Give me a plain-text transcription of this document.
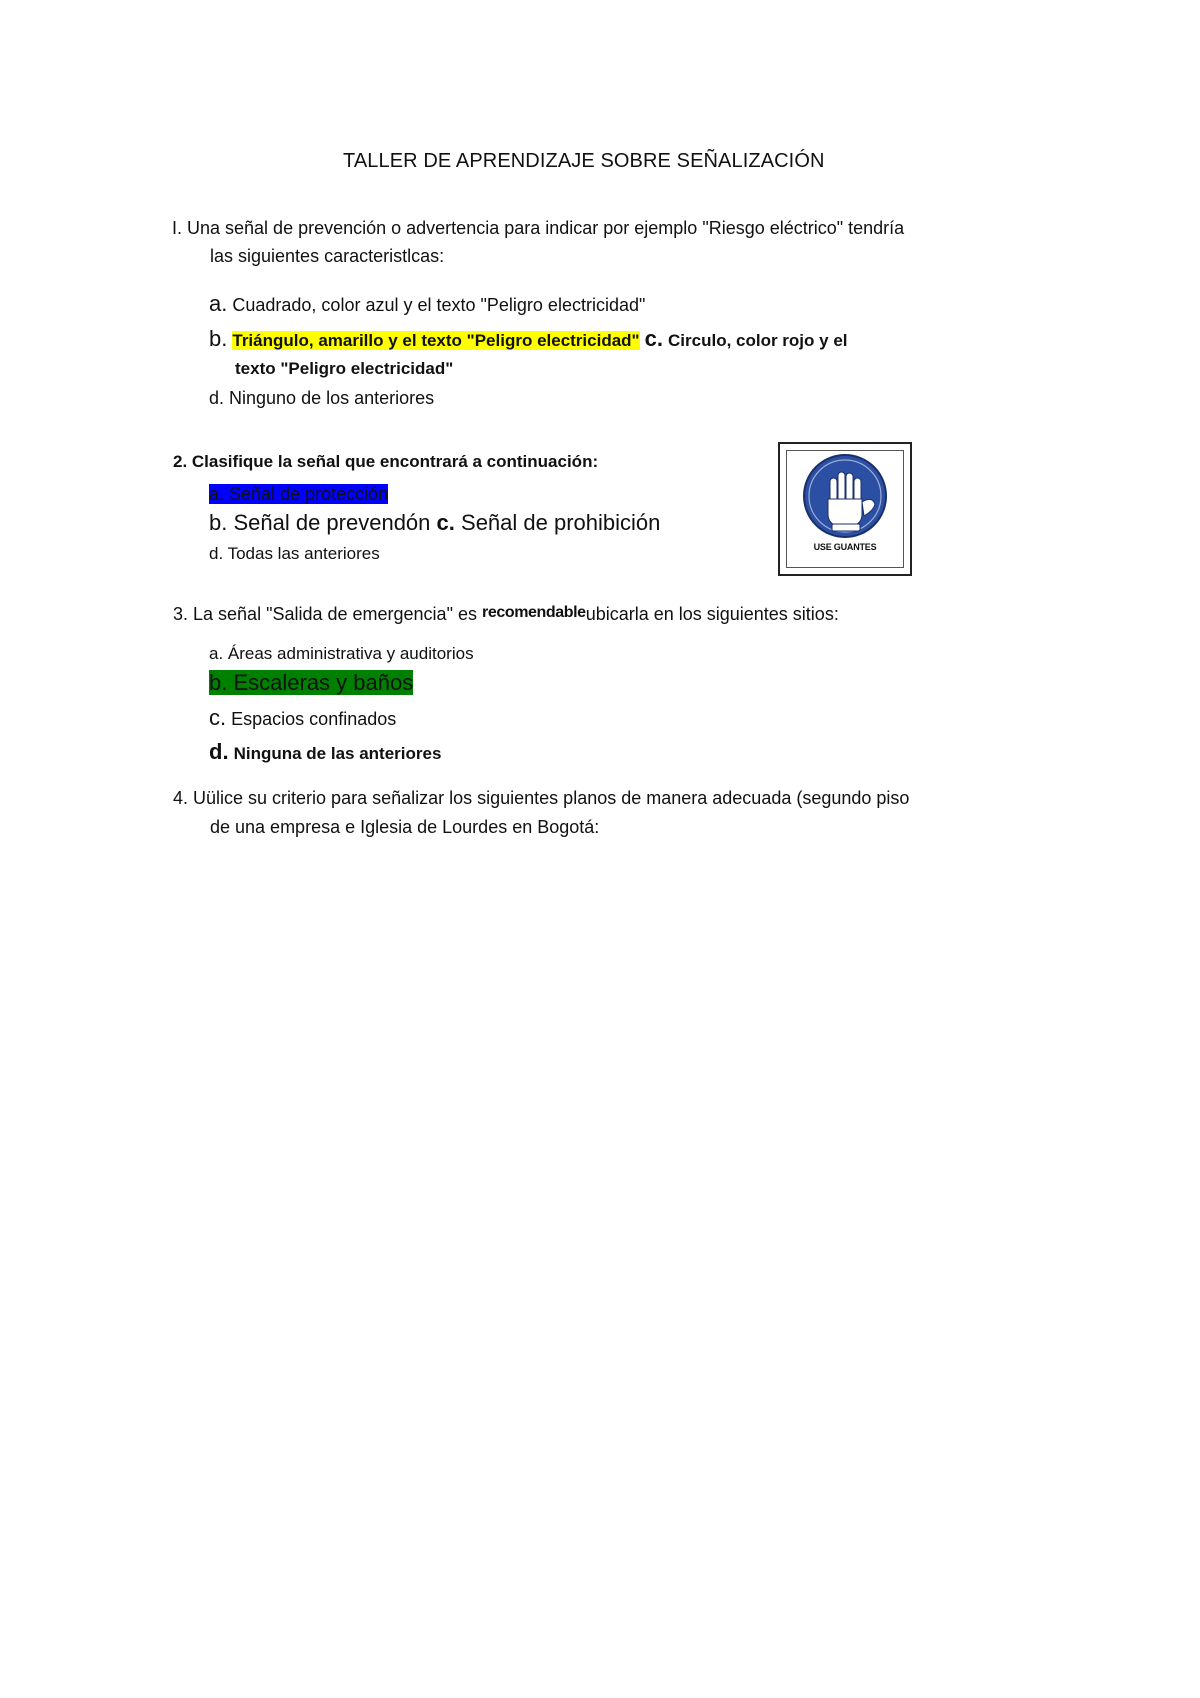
TALLER DE APRENDIZAJE SOBRE SEÑALIZACIÓN
I. Una señal de prevención o advertencia para indicar por ejemplo "Riesgo eléctrico" tendría
las siguientes caracteristlcas:
a. Cuadrado, color azul y el texto "Peligro electricidad"
b. Triángulo, amarillo y el texto "Peligro electricidad" c. Circulo, color rojo y el
texto "Peligro electricidad"
d. Ninguno de los anteriores
2. Clasifique la señal que encontrará a continuación:
a. Señal de protección
b. Señal de prevendón c. Señal de prohibición
d. Todas las anteriores	USE GUANTES
3. La señal "Salida de emergencia" es recomendableubicarla en los siguientes sitios:
a. Áreas administrativa y auditorios
b. Escaleras y baños
c. Espacios confinados
d. Ninguna de las anteriores
4. Uülice su criterio para señalizar los siguientes planos de manera adecuada (segundo piso
de una empresa e Iglesia de Lourdes en Bogotá:
